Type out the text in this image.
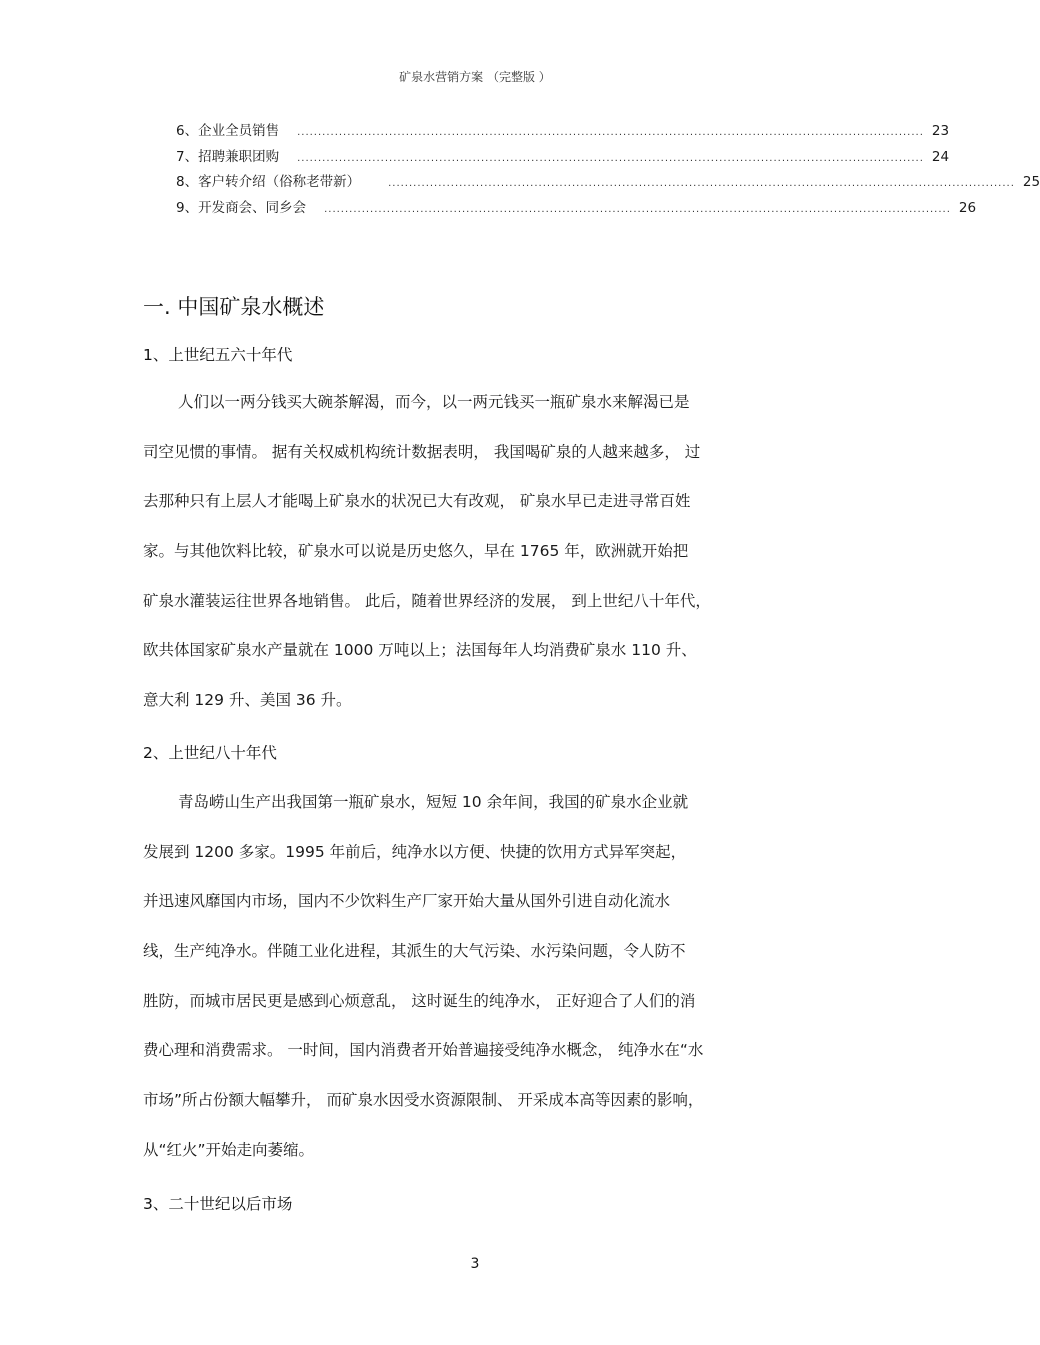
矿泉水营销方案 （完整版 ）
6、企业全员销售 ...................................................................................................................................................... 23
7、招聘兼职团购 ...................................................................................................................................................... 24
8、客户转介绍（俗称老带新）	...................................................................................................................................................... 25
9、开发商会、同乡会 ...................................................................................................................................................... 26
一. 中国矿泉水概述
1、上世纪五六十年代
人们以一两分钱买大碗茶解渴，而今，以一两元钱买一瓶矿泉水来解渴已是
司空见惯的事情。 据有关权威机构统计数据表明， 我国喝矿泉的人越来越多， 过
去那种只有上层人才能喝上矿泉水的状况已大有改观， 矿泉水早已走进寻常百姓
家。与其他饮料比较，矿泉水可以说是历史悠久，早在 1765 年，欧洲就开始把
矿泉水灌装运往世界各地销售。 此后，随着世界经济的发展， 到上世纪八十年代，
欧共体国家矿泉水产量就在 1000 万吨以上；法国每年人均消费矿泉水 110 升、
意大利 129 升、美国 36 升。
2、上世纪八十年代
青岛崂山生产出我国第一瓶矿泉水，短短 10 余年间，我国的矿泉水企业就
发展到 1200 多家。1995 年前后，纯净水以方便、快捷的饮用方式异军突起，
并迅速风靡国内市场，国内不少饮料生产厂家开始大量从国外引进自动化流水
线，生产纯净水。伴随工业化进程，其派生的大气污染、水污染问题，令人防不
胜防，而城市居民更是感到心烦意乱， 这时诞生的纯净水， 正好迎合了人们的消
费心理和消费需求。 一时间，国内消费者开始普遍接受纯净水概念， 纯净水在“水
市场”所占份额大幅攀升， 而矿泉水因受水资源限制、 开采成本高等因素的影响，
从“红火”开始走向萎缩。
3、二十世纪以后市场
3
